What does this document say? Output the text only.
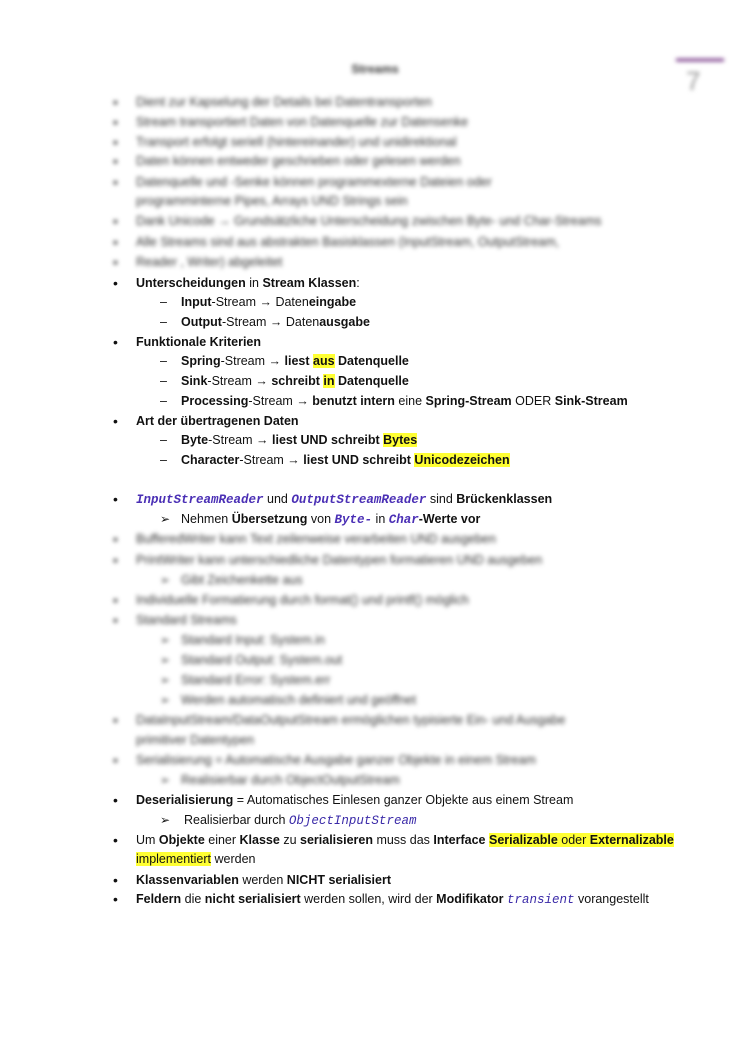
Streams	7
• Dient zur Kapselung der Details bei Datentransporten
• Stream transportiert Daten von Datenquelle zur Datensenke
• Transport erfolgt seriell (hintereinander) und unidirektional
• Daten können entweder geschrieben oder gelesen werden
• Datenquelle und -Senke können programmexterne Dateien oder
programminterne Pipes, Arrays UND Strings sein
• Dank Unicode → Grundsätzliche Unterscheidung zwischen Byte- und Char-Streams
• Alle Streams sind aus abstrakten Basisklassen (InputStream, OutputStream,
• Reader , Writer) abgeleitet
• Unterscheidungen in Stream Klassen:
– Input-Stream → Dateneingabe
– Output-Stream → Datenausgabe
• Funktionale Kriterien
– Spring-Stream → liest aus Datenquelle
– Sink-Stream → schreibt in Datenquelle
– Processing-Stream → benutzt intern eine Spring-Stream ODER Sink-Stream
• Art der übertragenen Daten
– Byte-Stream → liest UND schreibt Bytes
– Character-Stream → liest UND schreibt Unicodezeichen
• InputStreamReader und OutputStreamReader sind Brückenklassen
➢ Nehmen Übersetzung von Byte- in Char-Werte vor
• BufferedWriter kann Text zeilenweise verarbeiten UND ausgeben
• PrintWriter kann unterschiedliche Datentypen formatieren UND ausgeben
➢ Gibt Zeichenkette aus
• Individuelle Formatierung durch format() und printf() möglich
• Standard Streams
➢ Standard Input: System.in
➢ Standard Output: System.out
➢ Standard Error: System.err
➢ Werden automatisch definiert und geöffnet
• DataInputStream/DataOutputStream ermöglichen typisierte Ein- und Ausgabe
primitiver Datentypen
• Serialisierung = Automatische Ausgabe ganzer Objekte in einem Stream
➢ Realisierbar durch ObjectOutputStream
• Deserialisierung = Automatisches Einlesen ganzer Objekte aus einem Stream
➢ Realisierbar durch ObjectInputStream
• Um Objekte einer Klasse zu serialisieren muss das Interface Serializable oder Externalizable
implementiert werden
• Klassenvariablen werden NICHT serialisiert
• Feldern die nicht serialisiert werden sollen, wird der Modifikator transient vorangestellt
